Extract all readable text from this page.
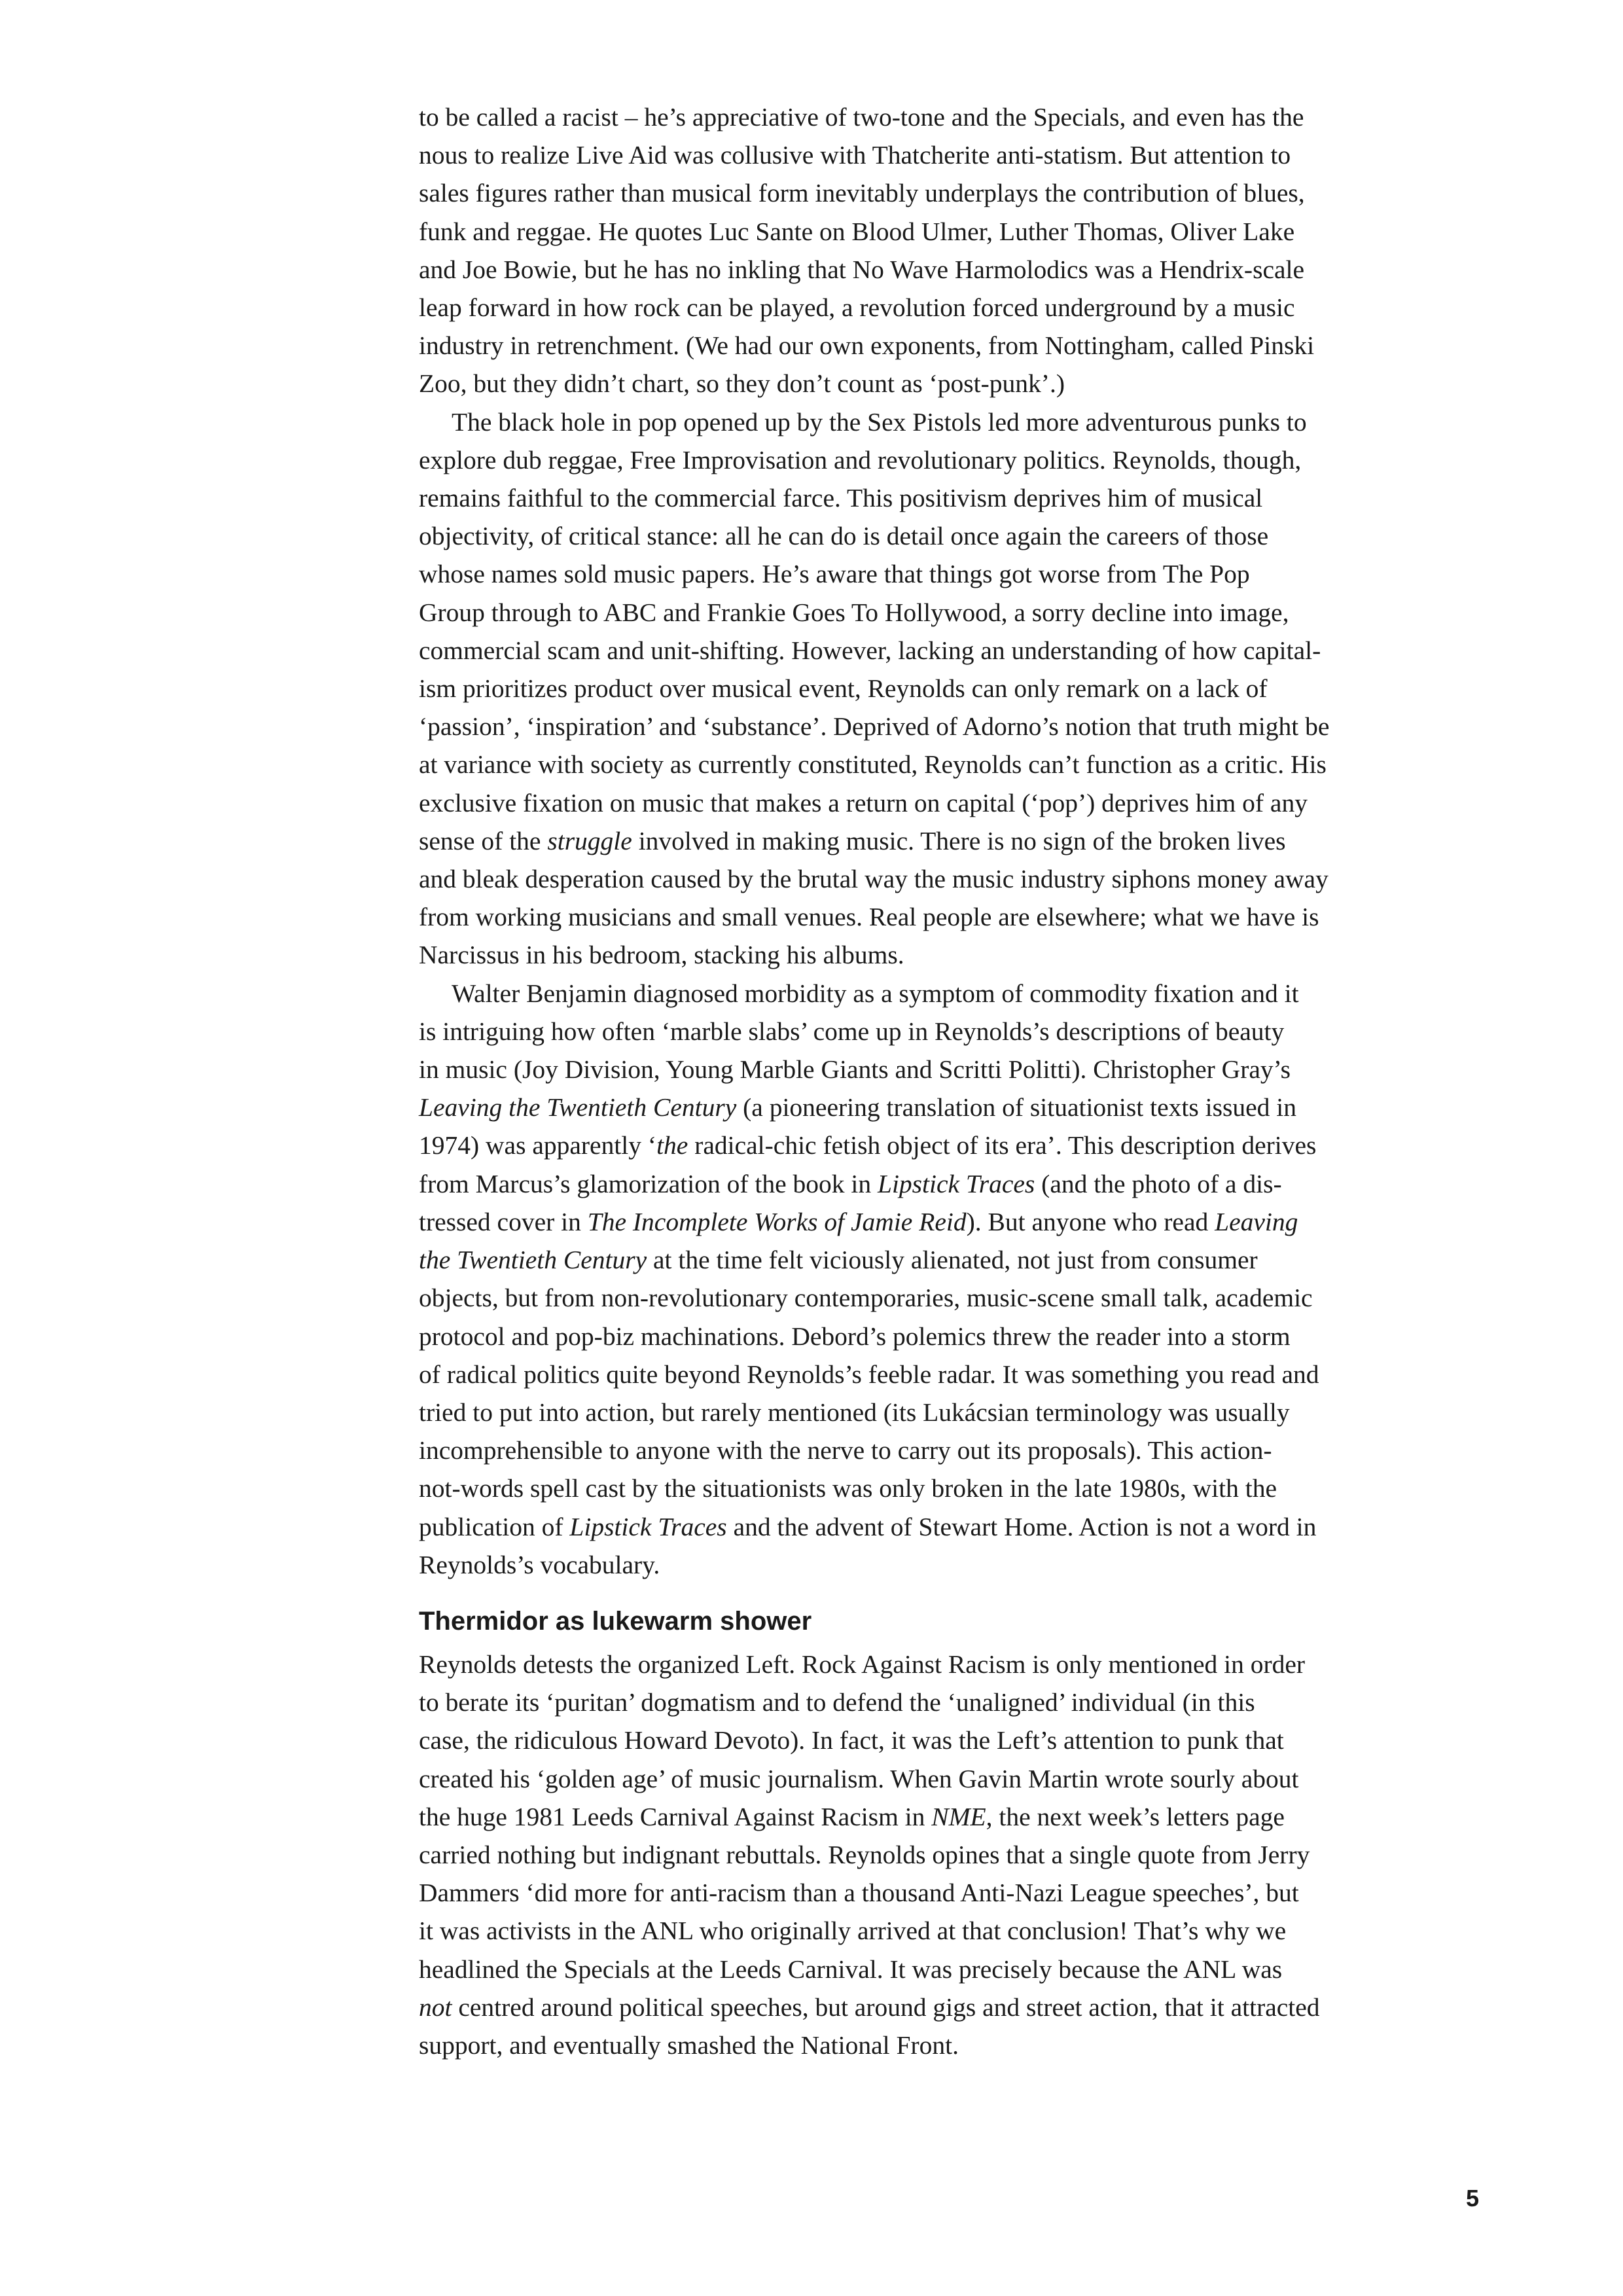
to be called a racist – he’s appreciative of two-tone and the Specials, and even has the
nous to realize Live Aid was collusive with Thatcherite anti-statism. But attention to
sales figures rather than musical form inevitably underplays the contribution of blues,
funk and reggae. He quotes Luc Sante on Blood Ulmer, Luther Thomas, Oliver Lake
and Joe Bowie, but he has no inkling that No Wave Harmolodics was a Hendrix-scale
leap forward in how rock can be played, a revolution forced underground by a music
industry in retrenchment. (We had our own exponents, from Nottingham, called Pinski
Zoo, but they didn’t chart, so they don’t count as ‘post-punk’.)

The black hole in pop opened up by the Sex Pistols led more adventurous punks to
explore dub reggae, Free Improvisation and revolutionary politics. Reynolds, though,
remains faithful to the commercial farce. This positivism deprives him of musical
objectivity, of critical stance: all he can do is detail once again the careers of those
whose names sold music papers. He’s aware that things got worse from The Pop
Group through to ABC and Frankie Goes To Hollywood, a sorry decline into image,
commercial scam and unit-shifting. However, lacking an understanding of how capital-
ism prioritizes product over musical event, Reynolds can only remark on a lack of
‘passion’, ‘inspiration’ and ‘substance’. Deprived of Adorno’s notion that truth might be
at variance with society as currently constituted, Reynolds can’t function as a critic. His
exclusive fixation on music that makes a return on capital (‘pop’) deprives him of any
sense of the struggle involved in making music. There is no sign of the broken lives
and bleak desperation caused by the brutal way the music industry siphons money away
from working musicians and small venues. Real people are elsewhere; what we have is
Narcissus in his bedroom, stacking his albums.

Walter Benjamin diagnosed morbidity as a symptom of commodity fixation and it
is intriguing how often ‘marble slabs’ come up in Reynolds’s descriptions of beauty
in music (Joy Division, Young Marble Giants and Scritti Politti). Christopher Gray’s
Leaving the Twentieth Century (a pioneering translation of situationist texts issued in
1974) was apparently ‘the radical-chic fetish object of its era’. This description derives
from Marcus’s glamorization of the book in Lipstick Traces (and the photo of a dis-
tressed cover in The Incomplete Works of Jamie Reid). But anyone who read Leaving
the Twentieth Century at the time felt viciously alienated, not just from consumer
objects, but from non-revolutionary contemporaries, music-scene small talk, academic
protocol and pop-biz machinations. Debord’s polemics threw the reader into a storm
of radical politics quite beyond Reynolds’s feeble radar. It was something you read and
tried to put into action, but rarely mentioned (its Lukácsian terminology was usually
incomprehensible to anyone with the nerve to carry out its proposals). This action-
not-words spell cast by the situationists was only broken in the late 1980s, with the
publication of Lipstick Traces and the advent of Stewart Home. Action is not a word in
Reynolds’s vocabulary.

Thermidor as lukewarm shower

Reynolds detests the organized Left. Rock Against Racism is only mentioned in order
to berate its ‘puritan’ dogmatism and to defend the ‘unaligned’ individual (in this
case, the ridiculous Howard Devoto). In fact, it was the Left’s attention to punk that
created his ‘golden age’ of music journalism. When Gavin Martin wrote sourly about
the huge 1981 Leeds Carnival Against Racism in NME, the next week’s letters page
carried nothing but indignant rebuttals. Reynolds opines that a single quote from Jerry
Dammers ‘did more for anti-racism than a thousand Anti-Nazi League speeches’, but
it was activists in the ANL who originally arrived at that conclusion! That’s why we
headlined the Specials at the Leeds Carnival. It was precisely because the ANL was
not centred around political speeches, but around gigs and street action, that it attracted
support, and eventually smashed the National Front.

5
